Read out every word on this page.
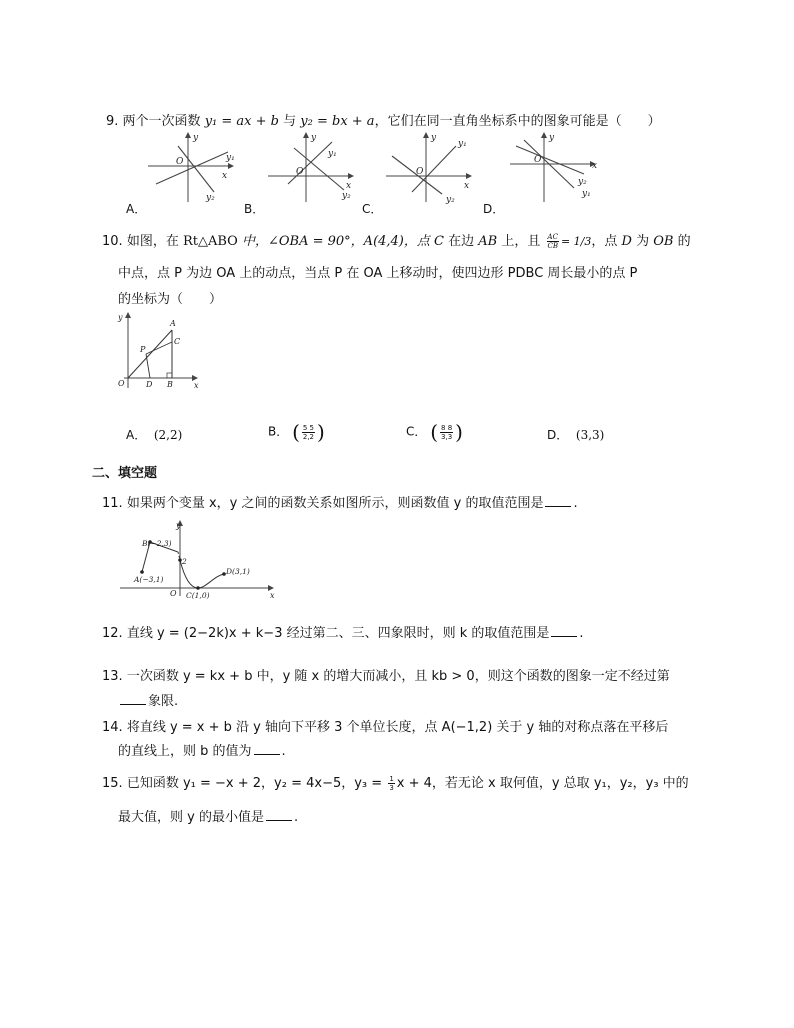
9. 两个一次函数 y₁ = ax + b 与 y₂ = bx + a，它们在同一直角坐标系中的图象可能是（　　）
y
O	y₁
x
y₂
y
O
y₁
x
y₂
y
O
y₁
x
y₂
y
O
y₂
x
y₁
A．	B．	C．	D．
10. 如图，在 Rt△ABO 中，∠OBA = 90°，A(4,4)，点 C 在边 AB 上，且 $\frac{AC}{CB} = 1/3$，点 D 为 OB 的
中点，点 P 为边 OA 上的动点，当点 P 在 OA 上移动时，使四边形 PDBC 周长最小的点 P
的坐标为（　　）
y
x
O
A
C
P
D B
A． (2,2)	B． ( $\frac{5 5}{2,2}$ )	C． ( $\frac{8 8}{3,3}$ )	D． (3,3)
二、填空题
11. 如果两个变量 x，y 之间的函数关系如图所示，则函数值 y 的取值范围是 .
y
x
O
B(−2,3)
A(−3,1)
2
C(1,0)
D(3,1)
12. 直线 y = (2−2k)x + k−3 经过第二、三、四象限时，则 k 的取值范围是 .
13. 一次函数 y = kx + b 中，y 随 x 的增大而减小，且 kb > 0，则这个函数的图象一定不经过第
象限.
14. 将直线 y = x + b 沿 y 轴向下平移 3 个单位长度，点 A(−1,2) 关于 y 轴的对称点落在平移后
的直线上，则 b 的值为 .
15. 已知函数 y₁ = −x + 2，y₂ = 4x−5，$y_3 = \frac{1}{3}$ x + 4，若无论 x 取何值，y 总取 y₁，y₂，y₃ 中的
最大值，则 y 的最小值是 .
